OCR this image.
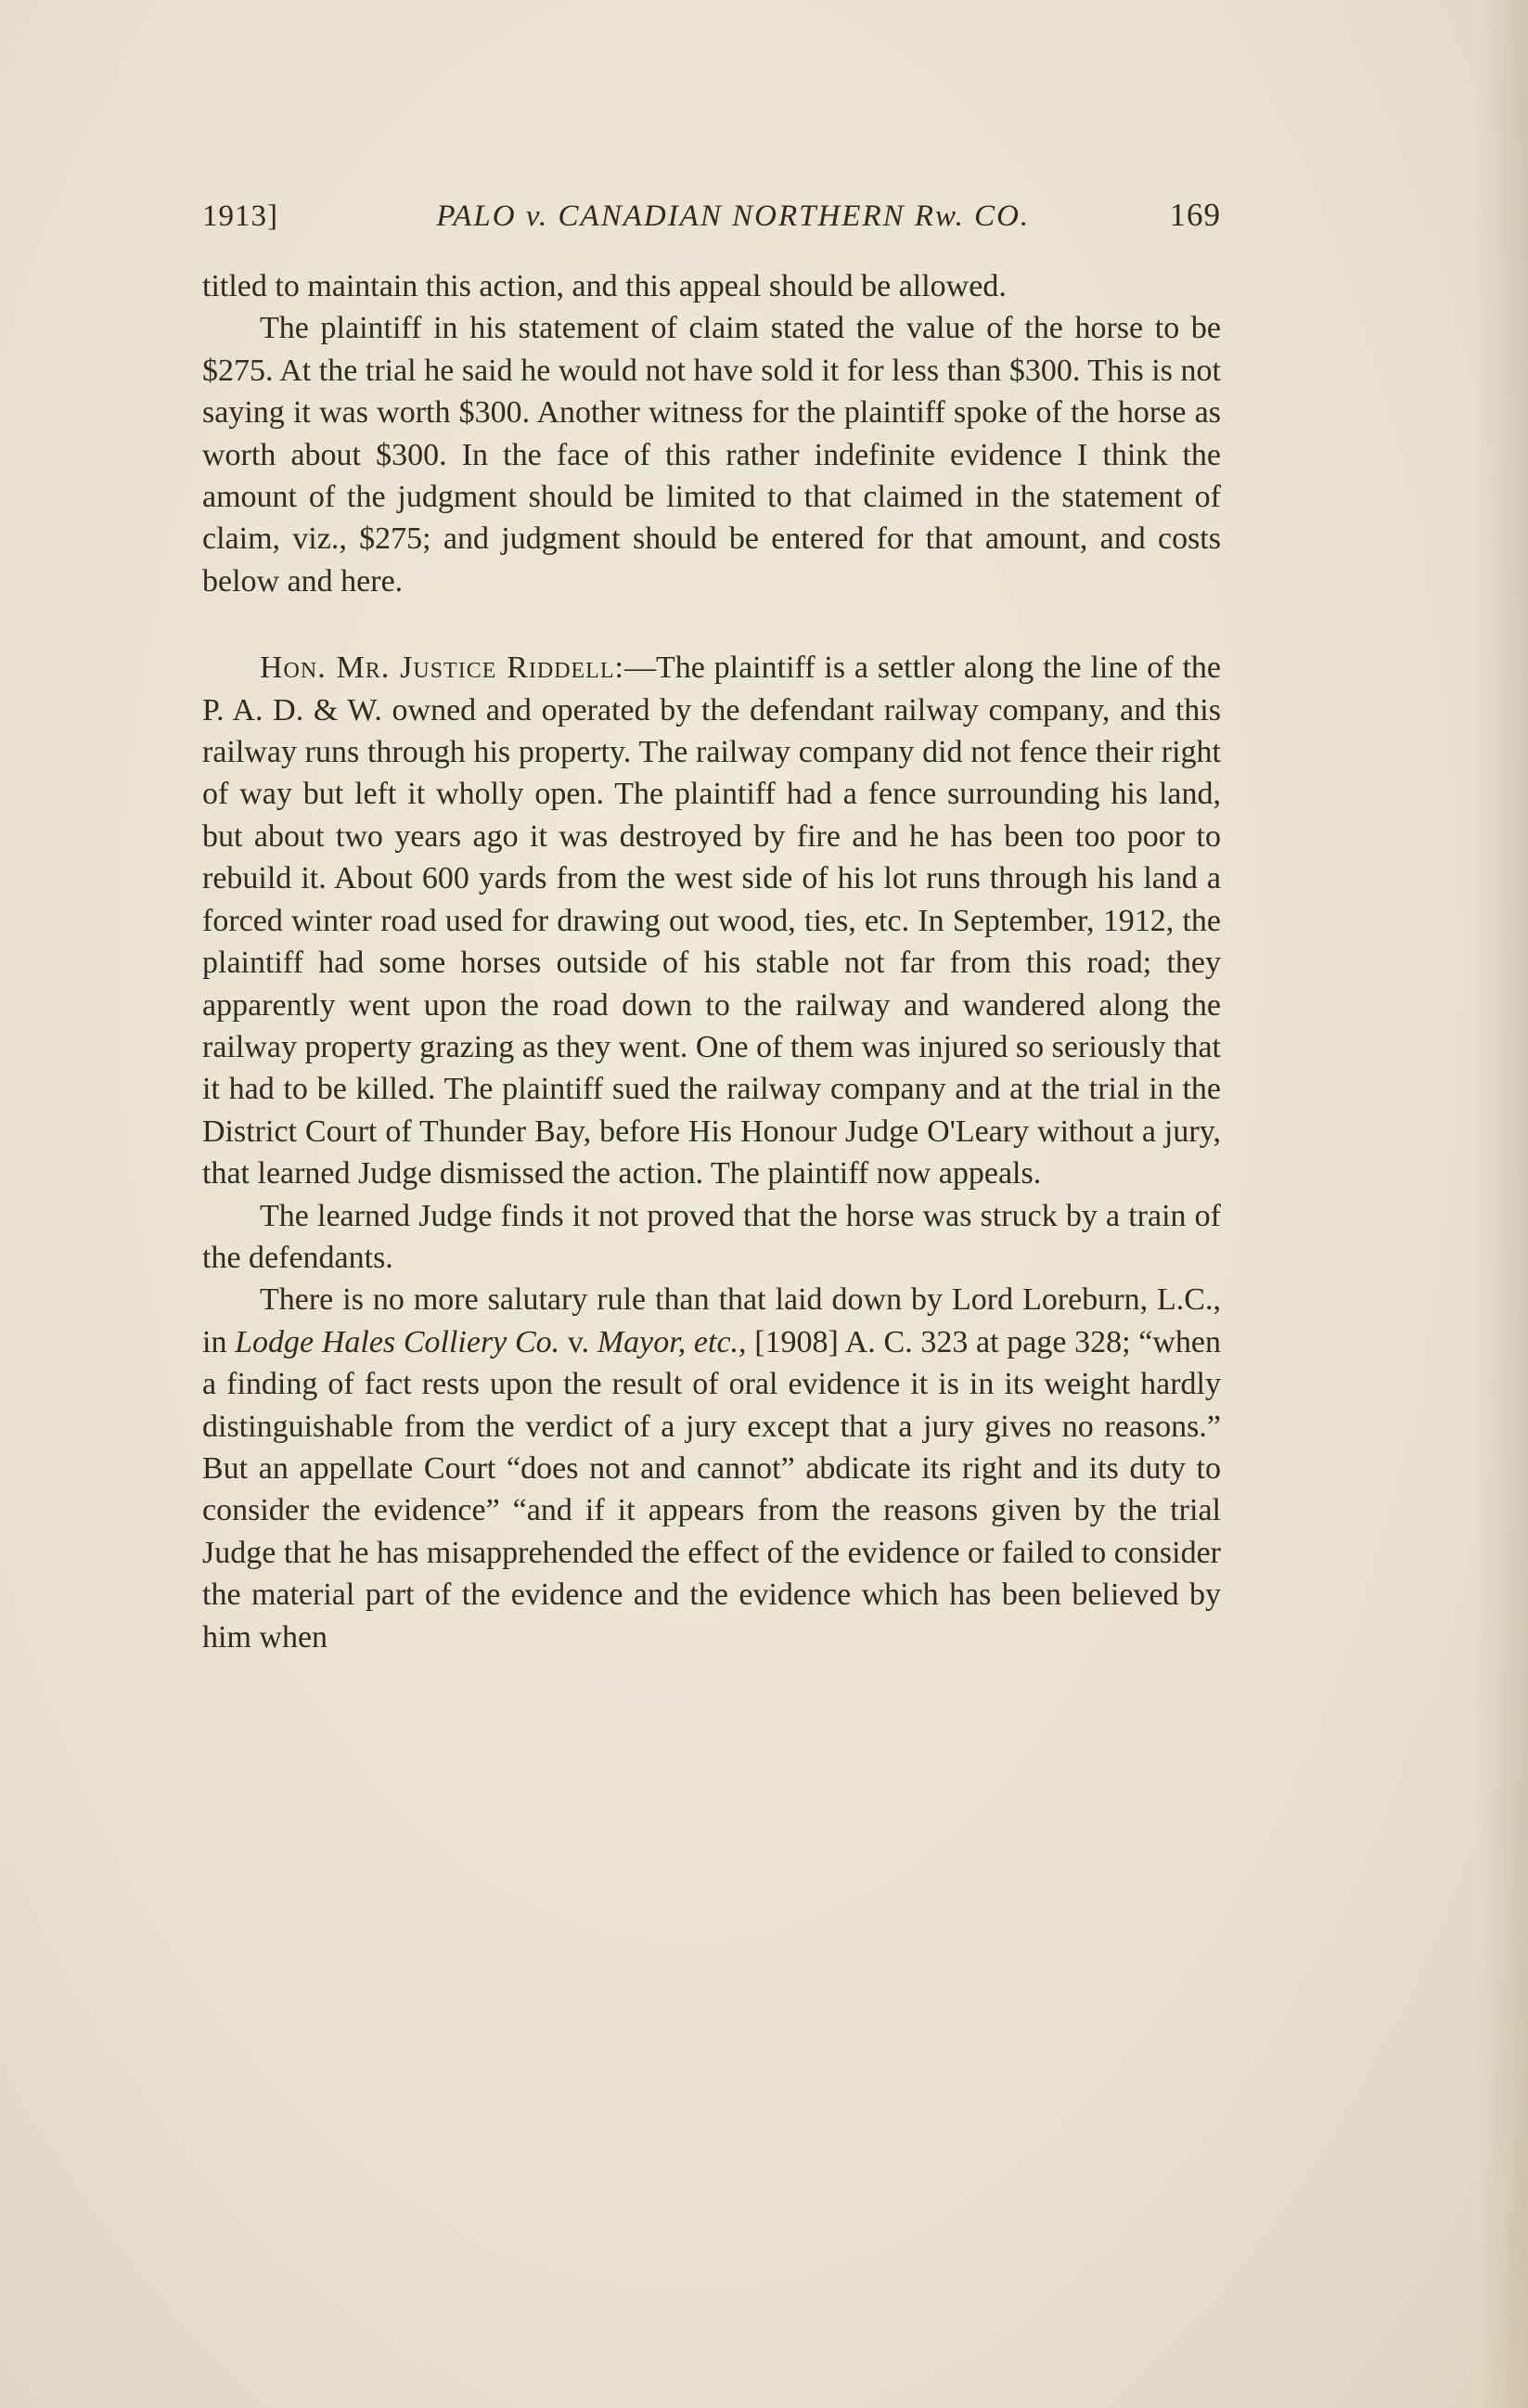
1913]	PALO v. CANADIAN NORTHERN Rw. CO.	169

titled to maintain this action, and this appeal should be allowed.

The plaintiff in his statement of claim stated the value of the horse to be $275. At the trial he said he would not have sold it for less than $300. This is not saying it was worth $300. Another witness for the plaintiff spoke of the horse as worth about $300. In the face of this rather indefinite evidence I think the amount of the judgment should be limited to that claimed in the statement of claim, viz., $275; and judgment should be entered for that amount, and costs below and here.

Hon. Mr. Justice Riddell:—The plaintiff is a settler along the line of the P. A. D. & W. owned and operated by the defendant railway company, and this railway runs through his property. The railway company did not fence their right of way but left it wholly open. The plaintiff had a fence surrounding his land, but about two years ago it was destroyed by fire and he has been too poor to rebuild it. About 600 yards from the west side of his lot runs through his land a forced winter road used for drawing out wood, ties, etc. In September, 1912, the plaintiff had some horses outside of his stable not far from this road; they apparently went upon the road down to the railway and wandered along the railway property grazing as they went. One of them was injured so seriously that it had to be killed. The plaintiff sued the railway company and at the trial in the District Court of Thunder Bay, before His Honour Judge O'Leary without a jury, that learned Judge dismissed the action. The plaintiff now appeals.

The learned Judge finds it not proved that the horse was struck by a train of the defendants.

There is no more salutary rule than that laid down by Lord Loreburn, L.C., in Lodge Hales Colliery Co. v. Mayor, etc., [1908] A. C. 323 at page 328; “when a finding of fact rests upon the result of oral evidence it is in its weight hardly distinguishable from the verdict of a jury except that a jury gives no reasons.” But an appellate Court “does not and cannot” abdicate its right and its duty to consider the evidence” “and if it appears from the reasons given by the trial Judge that he has misapprehended the effect of the evidence or failed to consider the material part of the evidence and the evidence which has been believed by him when
